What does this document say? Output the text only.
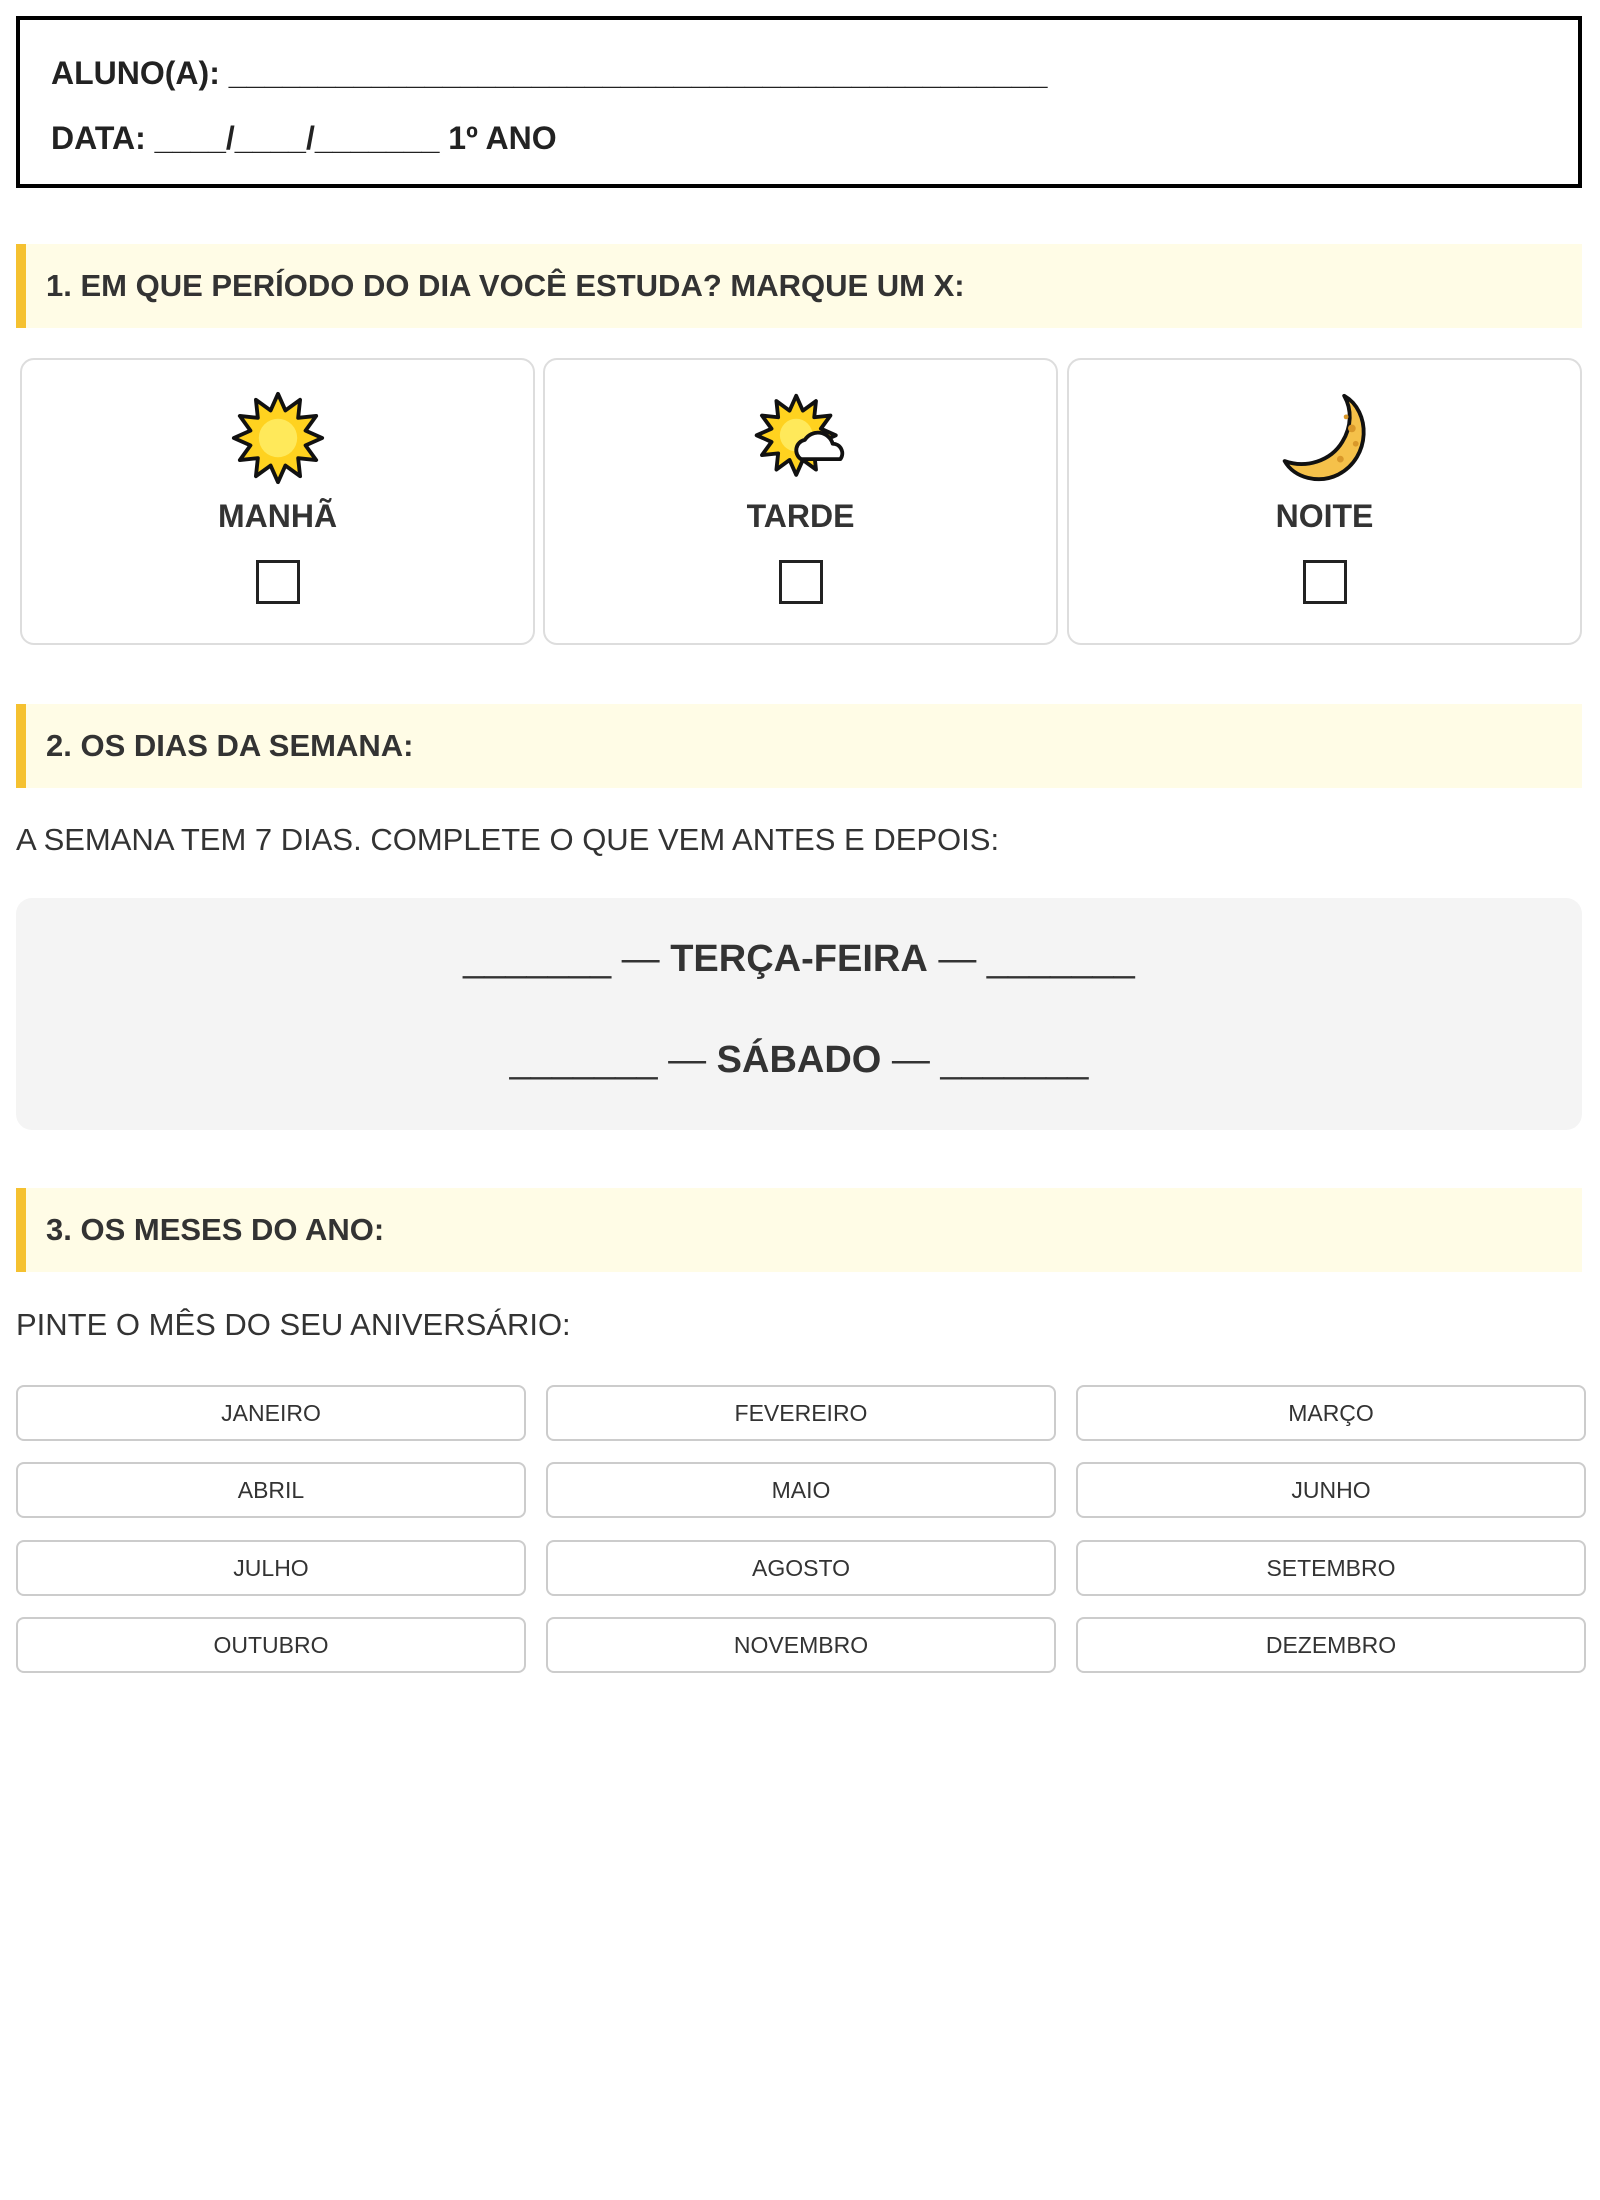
ALUNO(A): ______________________________________________
DATA: ____/____/_______ 1º ANO
1. EM QUE PERÍODO DO DIA VOCÊ ESTUDA? MARQUE UM X:
MANHÃ	TARDE	NOITE
2. OS DIAS DA SEMANA:
A SEMANA TEM 7 DIAS. COMPLETE O QUE VEM ANTES E DEPOIS:
_______ — TERÇA-FEIRA — _______
_______ — SÁBADO — _______
3. OS MESES DO ANO:
PINTE O MÊS DO SEU ANIVERSÁRIO:
JANEIRO	FEVEREIRO	MARÇO
ABRIL	MAIO	JUNHO
JULHO	AGOSTO	SETEMBRO
OUTUBRO	NOVEMBRO	DEZEMBRO
